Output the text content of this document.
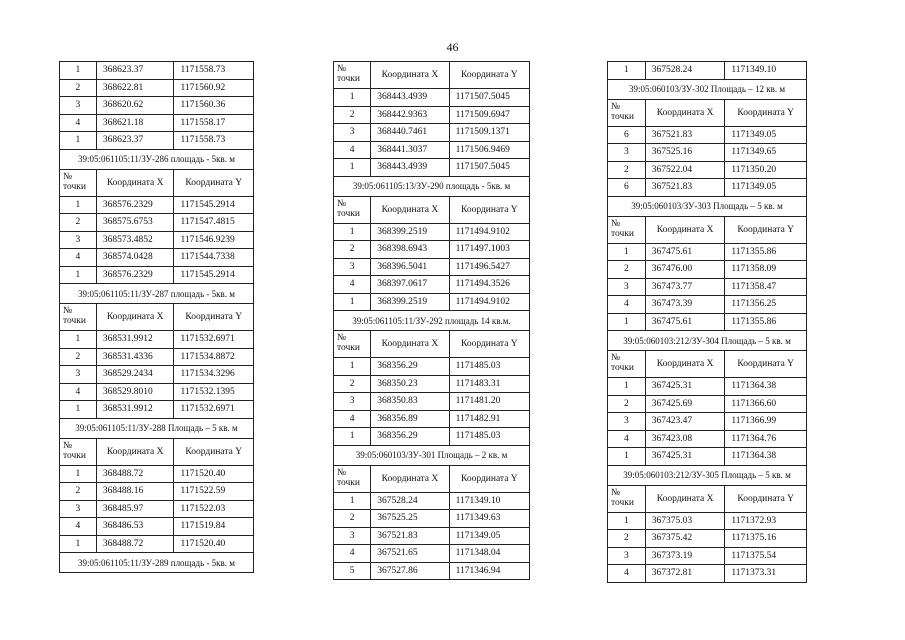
46
1	368623.37	1171558.73
2	368622.81	1171560.92
3	368620.62	1171560.36
4	368621.18	1171558.17
1	368623.37	1171558.73
39:05:061105:11/ЗУ-286 площадь - 5кв. м		
№ точки	Координата X	Координата Y
1	368576.2329	1171545.2914
2	368575.6753	1171547.4815
3	368573.4852	1171546.9239
4	368574.0428	1171544.7338
1	368576.2329	1171545.2914
39:05:061105:11/ЗУ-287 площадь - 5кв. м		
№ точки	Координата X	Координата Y
1	368531.9912	1171532.6971
2	368531.4336	1171534.8872
3	368529.2434	1171534.3296
4	368529.8010	1171532.1395
1	368531.9912	1171532.6971
39:05:061105:11/ЗУ-288 Площадь – 5 кв. м		
№ точки	Координата X	Координата Y
1	368488.72	1171520.40
2	368488.16	1171522.59
3	368485.97	1171522.03
4	368486.53	1171519.84
1	368488.72	1171520.40
39:05:061105:11/ЗУ-289 площадь - 5кв. м		
№ точки	Координата X	Координата Y
1	368443.4939	1171507.5045
2	368442.9363	1171509.6947
3	368440.7461	1171509.1371
4	368441.3037	1171506.9469
1	368443.4939	1171507.5045
39:05:061105:13/ЗУ-290 площадь - 5кв. м		
№ точки	Координата X	Координата Y
1	368399.2519	1171494.9102
2	368398.6943	1171497.1003
3	368396.5041	1171496.5427
4	368397.0617	1171494.3526
1	368399.2519	1171494.9102
39:05:061105:11/ЗУ-292 площадь 14 кв.м.		
№ точки	Координата X	Координата Y
1	368356.29	1171485.03
2	368350.23	1171483.31
3	368350.83	1171481.20
4	368356.89	1171482.91
1	368356.29	1171485.03
39:05:060103/ЗУ-301 Площадь – 2 кв. м		
№ точки	Координата X	Координата Y
1	367528.24	1171349.10
2	367525.25	1171349.63
3	367521.83	1171349.05
4	367521.65	1171348.04
5	367527.86	1171346.94
1	367528.24	1171349.10
39:05:060103/ЗУ-302 Площадь – 12 кв. м		
№ точки	Координата X	Координата Y
6	367521.83	1171349.05
3	367525.16	1171349.65
2	367522.04	1171350.20
6	367521.83	1171349.05
39:05:060103/ЗУ-303 Площадь – 5 кв. м		
№ точки	Координата X	Координата Y
1	367475.61	1171355.86
2	367476.00	1171358.09
3	367473.77	1171358.47
4	367473.39	1171356.25
1	367475.61	1171355.86
39:05:060103:212/ЗУ-304 Площадь – 5 кв. м		
№ точки	Координата X	Координата Y
1	367425.31	1171364.38
2	367425.69	1171366.60
3	367423.47	1171366.99
4	367423.08	1171364.76
1	367425.31	1171364.38
39:05:060103:212/ЗУ-305 Площадь – 5 кв. м		
№ точки	Координата X	Координата Y
1	367375.03	1171372.93
2	367375.42	1171375.16
3	367373.19	1171375.54
4	367372.81	1171373.31
